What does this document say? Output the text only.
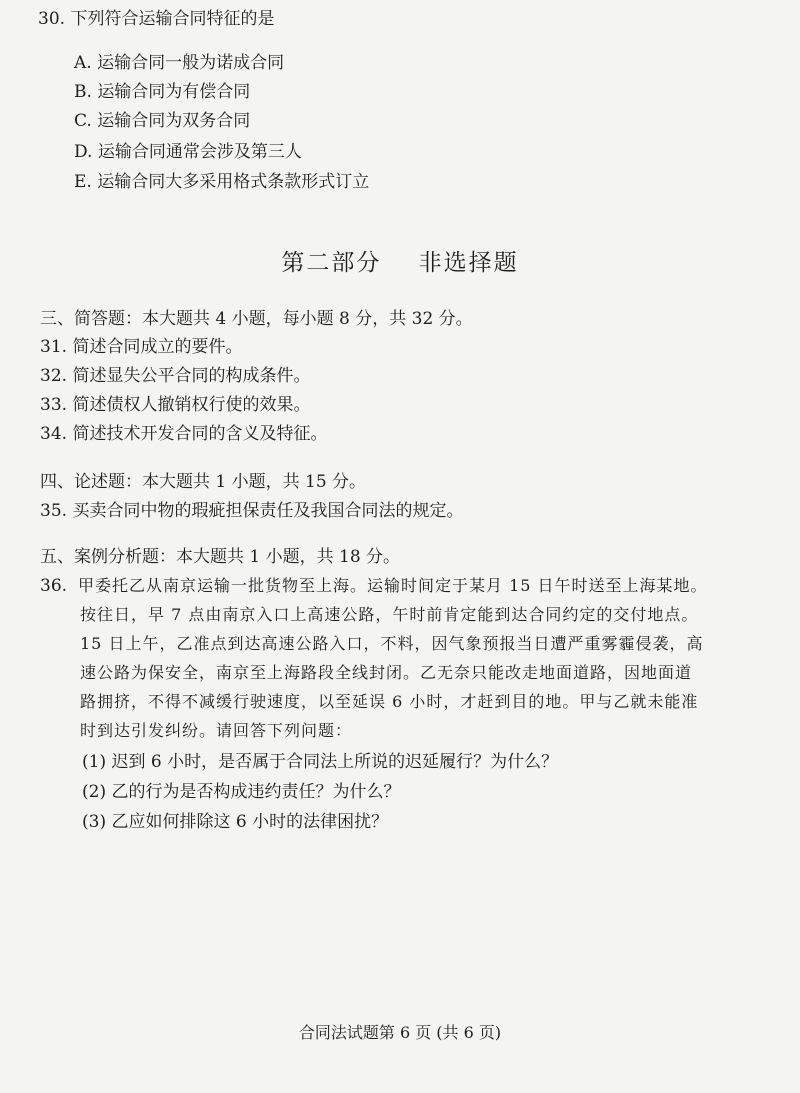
30. 下列符合运输合同特征的是
A. 运输合同一般为诺成合同
B. 运输合同为有偿合同
C. 运输合同为双务合同
D. 运输合同通常会涉及第三人
E. 运输合同大多采用格式条款形式订立
第二部分 非选择题
三、简答题：本大题共 4 小题，每小题 8 分，共 32 分。
31. 简述合同成立的要件。
32. 简述显失公平合同的构成条件。
33. 简述债权人撤销权行使的效果。
34. 简述技术开发合同的含义及特征。
四、论述题：本大题共 1 小题，共 15 分。
35. 买卖合同中物的瑕疵担保责任及我国合同法的规定。
五、案例分析题：本大题共 1 小题，共 18 分。
36. 甲委托乙从南京运输一批货物至上海。运输时间定于某月 15 日午时送至上海某地。
按往日，早 7 点由南京入口上高速公路，午时前肯定能到达合同约定的交付地点。
15 日上午，乙准点到达高速公路入口，不料，因气象预报当日遭严重雾霾侵袭，高
速公路为保安全，南京至上海路段全线封闭。乙无奈只能改走地面道路，因地面道
路拥挤，不得不减缓行驶速度，以至延误 6 小时，才赶到目的地。甲与乙就未能准
时到达引发纠纷。请回答下列问题：
(1) 迟到 6 小时，是否属于合同法上所说的迟延履行？为什么？
(2) 乙的行为是否构成违约责任？为什么？
(3) 乙应如何排除这 6 小时的法律困扰？
合同法试题第 6 页 (共 6 页)
